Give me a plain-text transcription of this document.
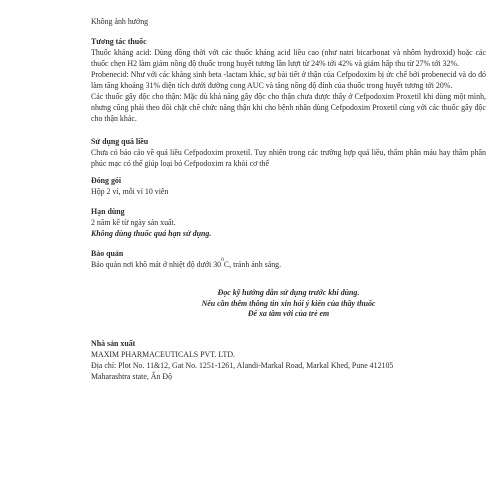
Không ảnh hưởng

Tương tác thuốc

Thuốc kháng acid: Dùng đồng thời với các thuốc kháng acid liều cao (như natri bicarbonat và nhôm hydroxid) hoặc các thuốc chẹn H2 làm giảm nồng độ thuốc trong huyết tương lần lượt từ 24% tới 42% và giảm hấp thu từ 27% tới 32%.

Probenecid: Như với các kháng sinh beta -lactam khác, sự bài tiết ở thận của Cefpodoxim bị ức chế bởi probenecid và do đó làm tăng khoảng 31% diện tích dưới đường cong AUC và tăng nồng độ đỉnh của thuốc trong huyết tương tới 20%.

Các thuốc gây độc cho thận: Mặc dù khả năng gây độc cho thận chưa được thấy ở Cefpodoxim Proxetil khi dùng một mình, nhưng cũng phải theo dõi chặt chẽ chức năng thận khi cho bệnh nhân dùng Cefpodoxim Proxetil cùng với các thuốc gây độc cho thận khác.

Sử dụng quá liều

Chưa có báo cáo về quá liều Cefpodoxim proxetil. Tuy nhiên trong các trường hợp quá liều, thẩm phân máu hay thẩm phân phúc mạc có thể giúp loại bỏ Cefpodoxim ra khỏi cơ thể

Đóng gói

Hộp 2 vỉ, mỗi vỉ 10 viên

Hạn dùng

2 năm kể từ ngày sản xuất.

Không dùng thuốc quá hạn sử dụng.

Bảo quản

Bảo quản nơi khô mát ở nhiệt độ dưới $30^0C$, tránh ánh sáng.

Đọc kỹ hướng dẫn sử dụng trước khi dùng.

Nếu cần thêm thông tin xin hỏi ý kiến của thầy thuốc

Để xa tầm với của trẻ em

Nhà sản xuất

MAXIM PHARMACEUTICALS PVT. LTD.

Địa chỉ: Plot No. 11&12, Gat No. 1251-1261, Alandi-Markal Road, Markal Khed, Pune 412105

Maharashtra state, Ấn Độ
